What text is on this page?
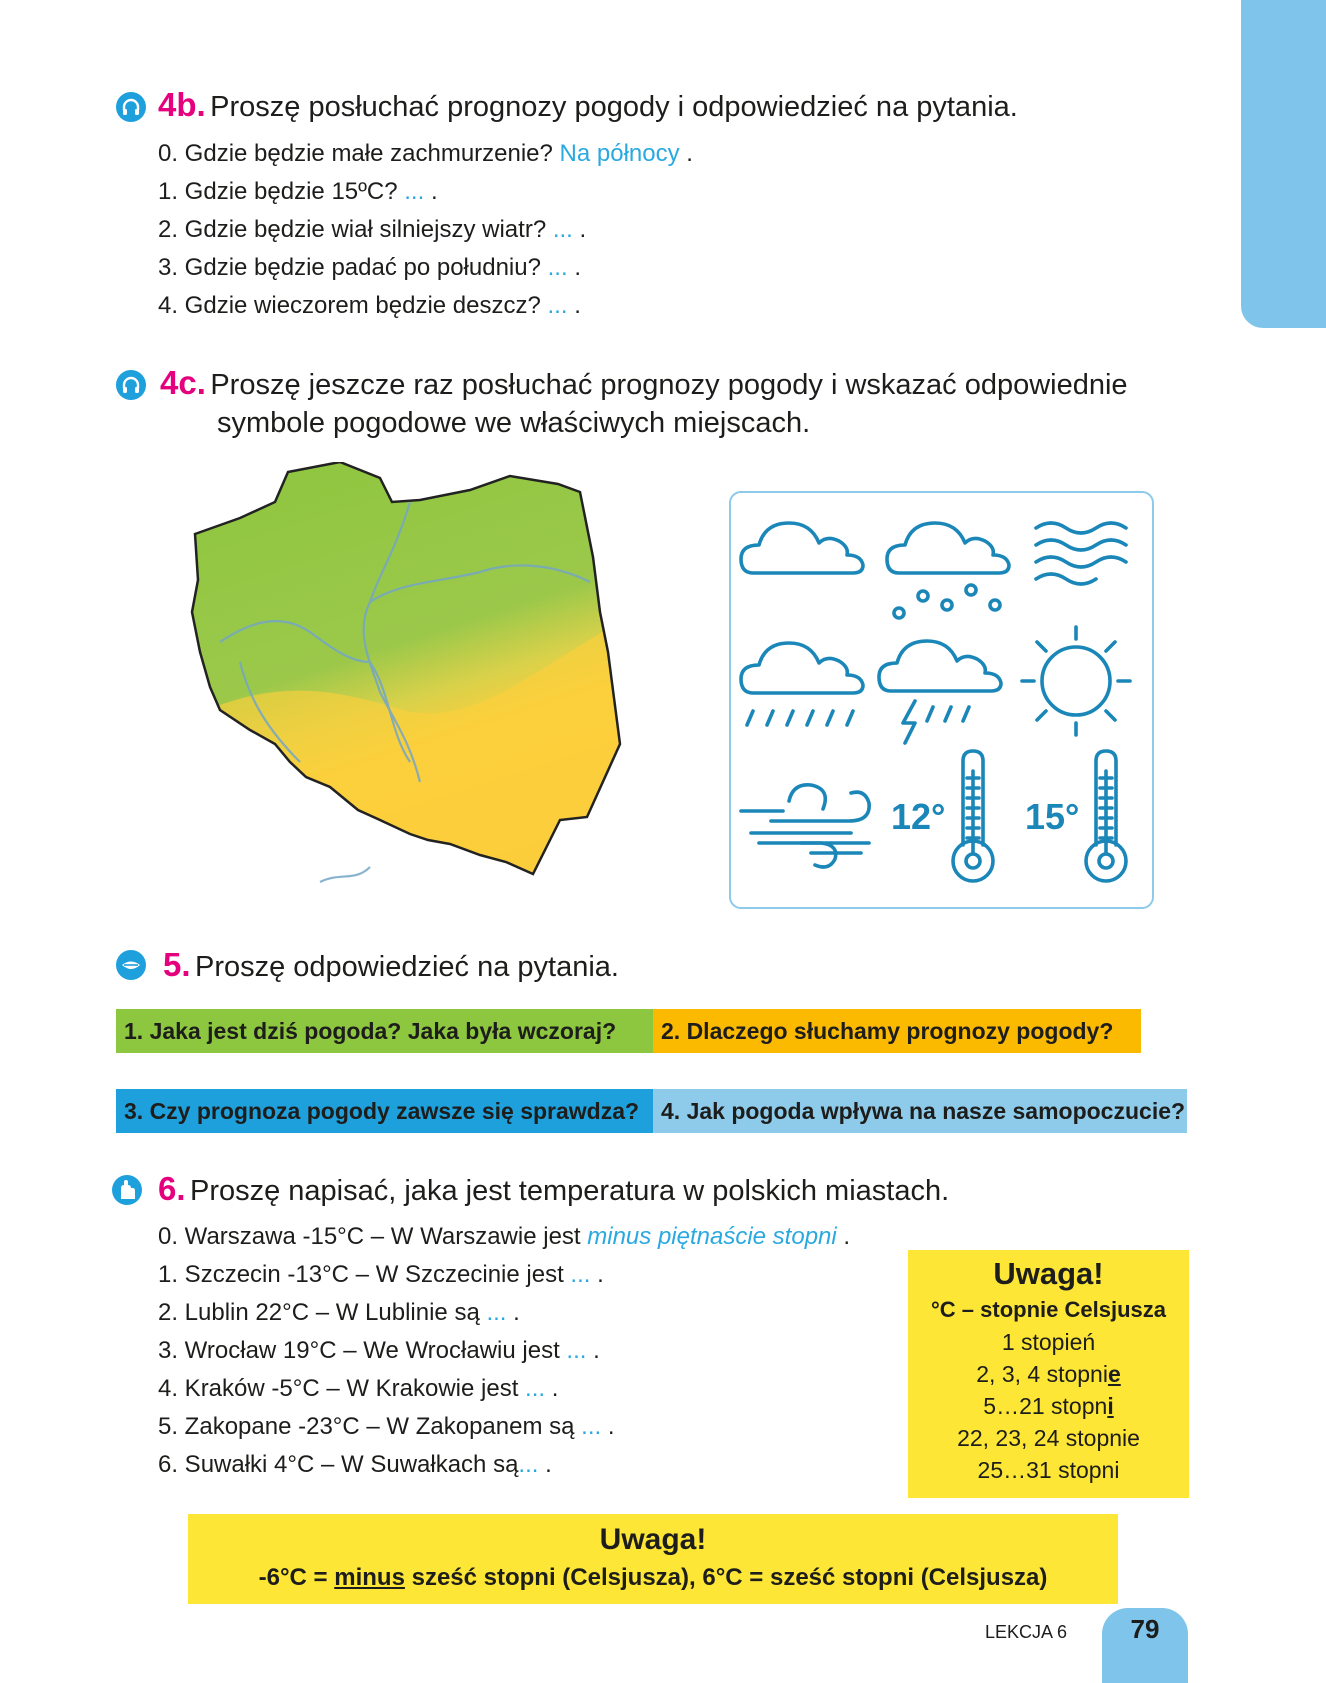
4b. Proszę posłuchać prognozy pogody i odpowiedzieć na pytania.
0. Gdzie będzie małe zachmurzenie? Na północy .
1. Gdzie będzie 15ºC? ... .
2. Gdzie będzie wiał silniejszy wiatr? ... .
3. Gdzie będzie padać po południu? ... .
4. Gdzie wieczorem będzie deszcz? ... .
4c. Proszę jeszcze raz posłuchać prognozy pogody i wskazać odpowiednie
symbole pogodowe we właściwych miejscach.
12° 15°
5. Proszę odpowiedzieć na pytania.
1. Jaka jest dziś pogoda? Jaka była wczoraj?	2. Dlaczego słuchamy prognozy pogody?
3. Czy prognoza pogody zawsze się sprawdza? 4. Jak pogoda wpływa na nasze samopoczucie?
6. Proszę napisać, jaka jest temperatura w polskich miastach.
0. Warszawa -15°C – W Warszawie jest minus piętnaście stopni .
1. Szczecin -13°C – W Szczecinie jest ... .
2. Lublin 22°C – W Lublinie są ... .
3. Wrocław 19°C – We Wrocławiu jest ... .
4. Kraków -5°C – W Krakowie jest ... .
5. Zakopane -23°C – W Zakopanem są ... .
6. Suwałki 4°C – W Suwałkach są... .
Uwaga!
°C – stopnie Celsjusza
1 stopień
2, 3, 4 stopnie
5…21 stopni
22, 23, 24 stopnie
25…31 stopni
Uwaga!
-6°C = minus sześć stopni (Celsjusza), 6°C = sześć stopni (Celsjusza)
LEKCJA 6	79
